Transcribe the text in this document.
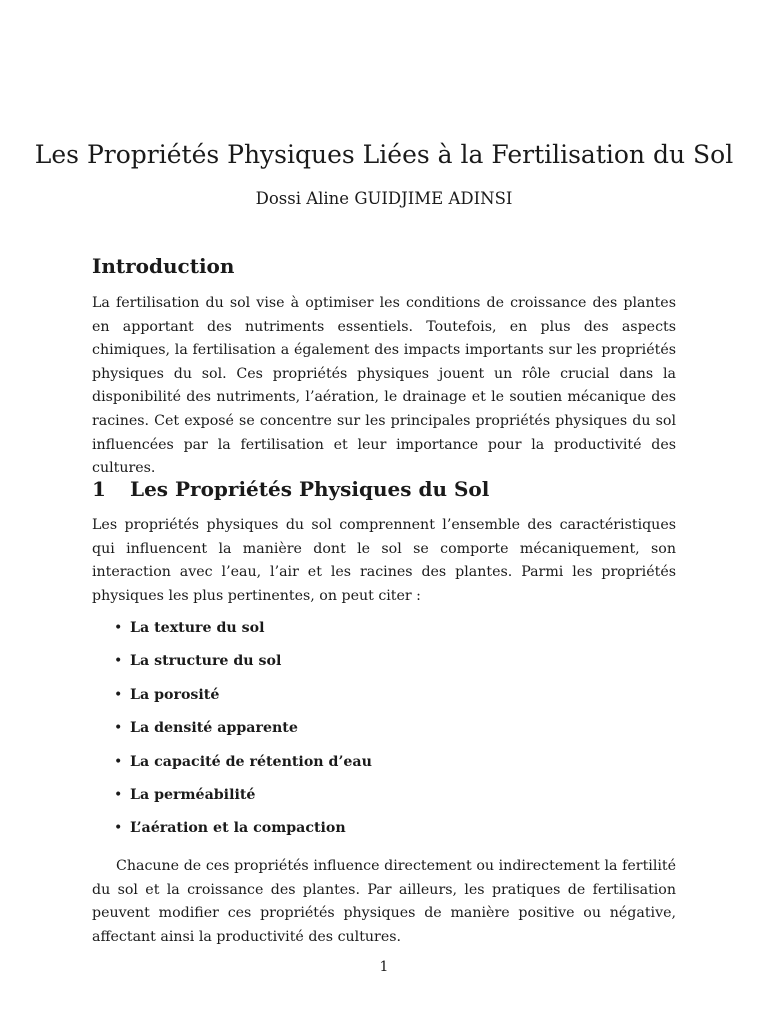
Les Propriétés Physiques Liées à la Fertilisation du Sol
Dossi Aline GUIDJIME ADINSI
Introduction

La fertilisation du sol vise à optimiser les conditions de croissance des plantes en apportant des nutriments essentiels. Toutefois, en plus des aspects chimiques, la fertilisation a également des impacts importants sur les propriétés physiques du sol. Ces propriétés physiques jouent un rôle crucial dans la disponibilité des nutriments, l’aération, le drainage et le soutien mécanique des racines. Cet exposé se concentre sur les principales propriétés physiques du sol influencées par la fertilisation et leur importance pour la productivité des cultures.

1 Les Propriétés Physiques du Sol

Les propriétés physiques du sol comprennent l’ensemble des caractéristiques qui influencent la manière dont le sol se comporte mécaniquement, son interaction avec l’eau, l’air et les racines des plantes. Parmi les propriétés physiques les plus pertinentes, on peut citer :

• La texture du sol
• La structure du sol
• La porosité
• La densité apparente
• La capacité de rétention d’eau
• La perméabilité
• L’aération et la compaction

Chacune de ces propriétés influence directement ou indirectement la fertilité du sol et la croissance des plantes. Par ailleurs, les pratiques de fertilisation peuvent modifier ces propriétés physiques de manière positive ou négative, affectant ainsi la productivité des cultures.

1
